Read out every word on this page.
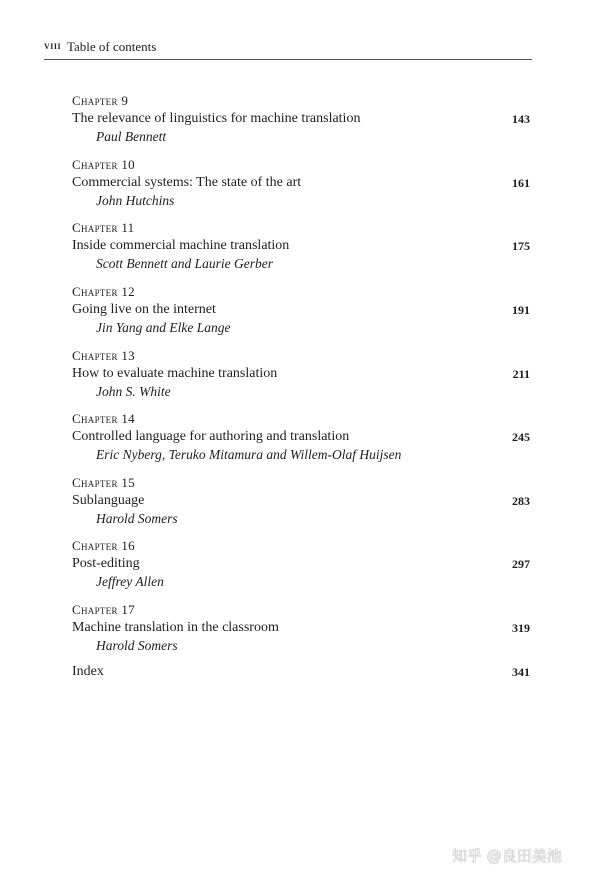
viii Table of contents
Chapter 9
The relevance of linguistics for machine translation	143
Paul Bennett
Chapter 10
Commercial systems: The state of the art	161
John Hutchins
Chapter 11
Inside commercial machine translation	175
Scott Bennett and Laurie Gerber
Chapter 12
Going live on the internet	191
Jin Yang and Elke Lange
Chapter 13
How to evaluate machine translation	211
John S. White
Chapter 14
Controlled language for authoring and translation	245
Eric Nyberg, Teruko Mitamura and Willem-Olaf Huijsen
Chapter 15
Sublanguage	283
Harold Somers
Chapter 16
Post-editing	297
Jeffrey Allen
Chapter 17
Machine translation in the classroom	319
Harold Somers
Index	341
知乎 @良田美池
